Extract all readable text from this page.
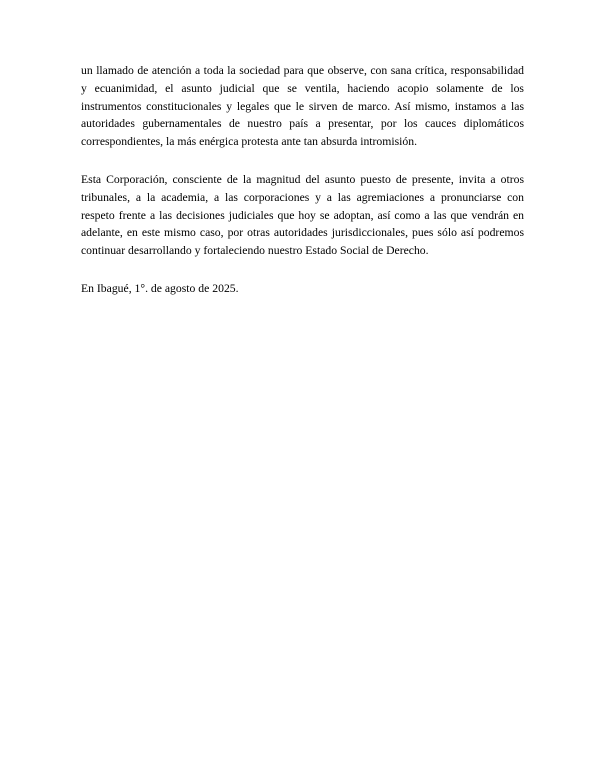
un llamado de atención a toda la sociedad para que observe, con sana crítica, responsabilidad
y ecuanimidad, el asunto judicial que se ventila, haciendo acopio solamente de los
instrumentos constitucionales y legales que le sirven de marco. Así mismo, instamos a las
autoridades gubernamentales de nuestro país a presentar, por los cauces diplomáticos
correspondientes, la más enérgica protesta ante tan absurda intromisión.
Esta Corporación, consciente de la magnitud del asunto puesto de presente, invita a otros
tribunales, a la academia, a las corporaciones y a las agremiaciones a pronunciarse con
respeto frente a las decisiones judiciales que hoy se adoptan, así como a las que vendrán en
adelante, en este mismo caso, por otras autoridades jurisdiccionales, pues sólo así podremos
continuar desarrollando y fortaleciendo nuestro Estado Social de Derecho.
En Ibagué, 1°. de agosto de 2025.
